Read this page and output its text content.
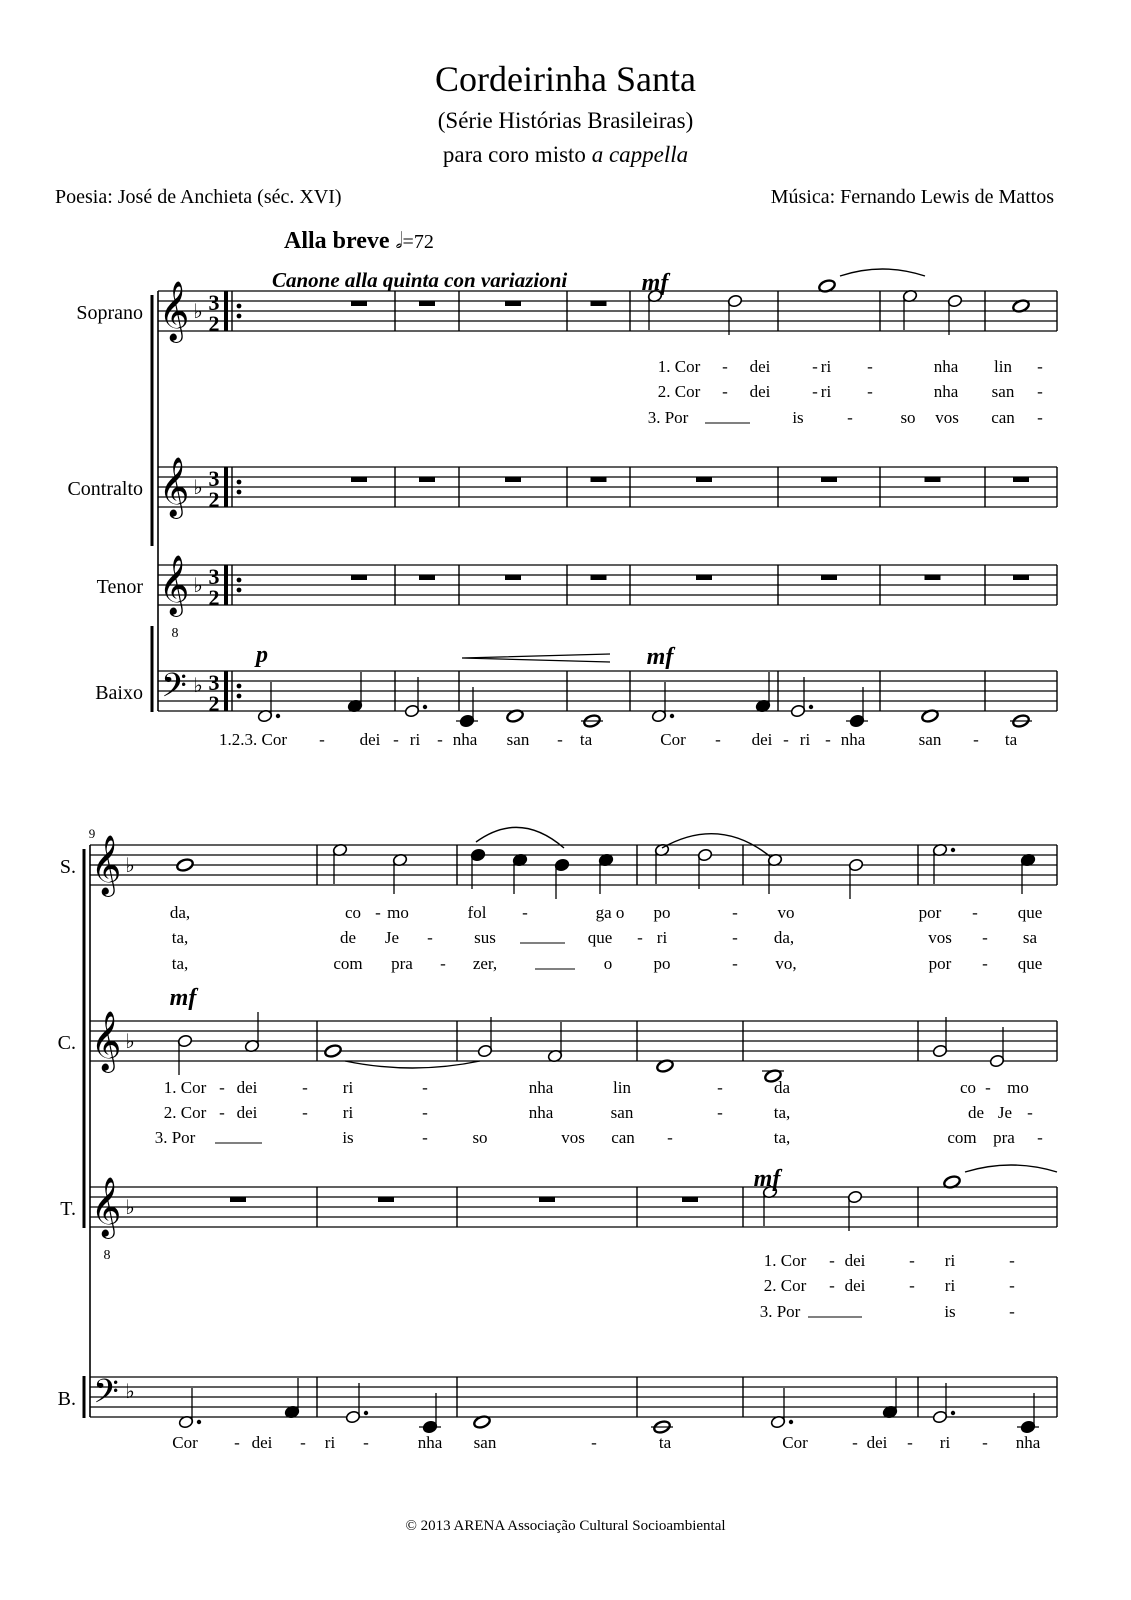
Cordeirinha Santa
(Série Histórias Brasileiras)
para coro misto a cappella
Poesia: José de Anchieta (séc. XVI)	Música: Fernando Lewis de Mattos
Alla breve 𝅗𝅥=72
Canone alla quinta con variazioni
© 2013 ARENA Associação Cultural Socioambiental
Soprano 𝄞 ♭ 3
2
Contralto 𝄞 ♭ 3
2
Tenor 𝄞 ♭
8
3
2
Baixo 𝄢 ♭ 3
2
mf
p	mf
1. Cor - dei - ri -	nha lin -
2. Cor - dei - ri -	nha san -
3. Por	is	-	so vos can -
1.2.3. Cor - dei - ri - nha san - ta	Cor - dei - ri - nha	san - ta
9
S. 𝄞 ♭
C. 𝄞 ♭
T. 𝄞 ♭
8
B. 𝄢 ♭
mf
mf
da,	co - mo	fol -	ga o po	- vo	por - que
ta,	de Je - sus	que - ri	- da,	vos - sa
ta,	com pra - zer,	o po	- vo,	por - que
1. Cor - dei	- ri	-	nha	lin	-	da	co - mo
2. Cor - dei	- ri	-	nha	san	-	ta,	de Je -
3. Por	is	-	so	vos can -	ta,	com pra -
1. Cor - dei	- ri	-
2. Cor - dei	- ri	-
3. Por	is	-
Cor - dei - ri -	nha san	-	ta	Cor	- dei - ri - nha
